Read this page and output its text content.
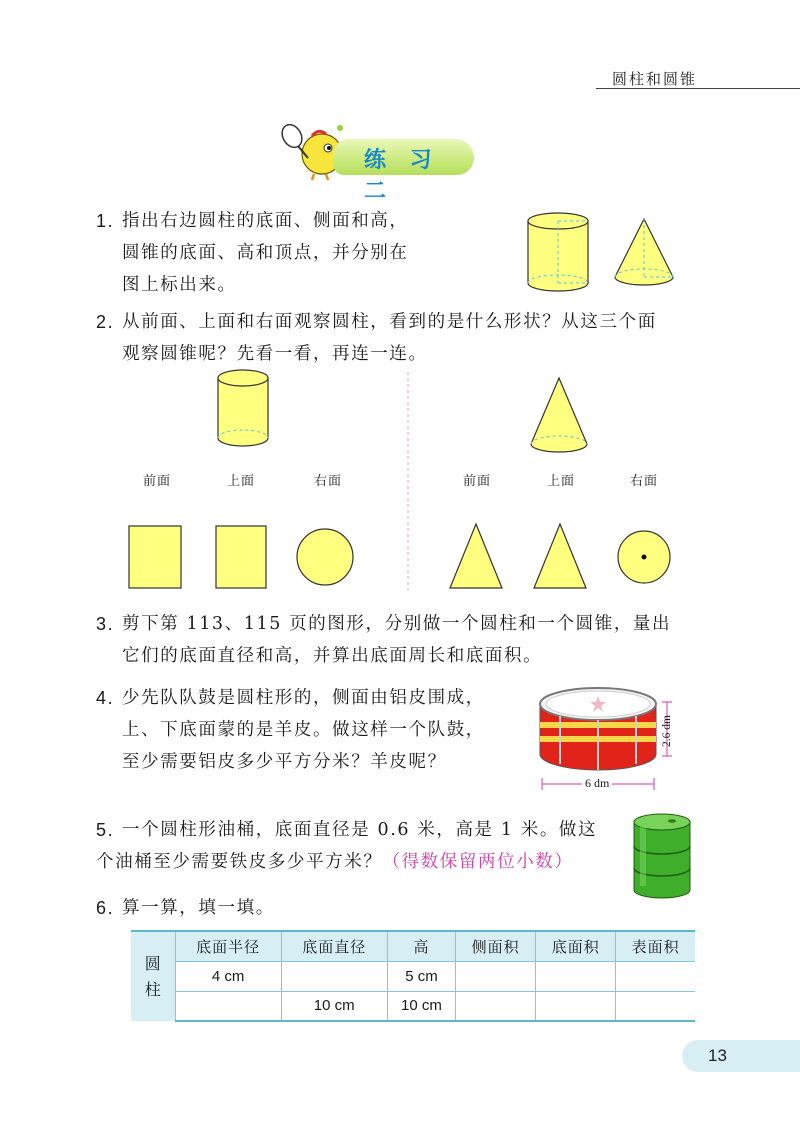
圆柱和圆锥
练 习 二
1. 指出右边圆柱的底面、侧面和高，
圆锥的底面、高和顶点，并分别在
图上标出来。
2. 从前面、上面和右面观察圆柱，看到的是什么形状？从这三个面
观察圆锥呢？先看一看，再连一连。
前面	上面	右面	前面	上面	右面
3. 剪下第 113、115 页的图形，分别做一个圆柱和一个圆锥，量出
它们的底面直径和高，并算出底面周长和底面积。
4. 少先队队鼓是圆柱形的，侧面由铝皮围成，
上、下底面蒙的是羊皮。做这样一个队鼓，
至少需要铝皮多少平方分米？羊皮呢？
2.6 dm
6 dm
5. 一个圆柱形油桶，底面直径是 0.6 米，高是 1 米。做这
个油桶至少需要铁皮多少平方米？（得数保留两位小数）
6. 算一算，填一填。
圆
柱	底面半径	底面直径	高	侧面积	底面积	表面积
	4 cm		5 cm			
		10 cm	10 cm			
13
